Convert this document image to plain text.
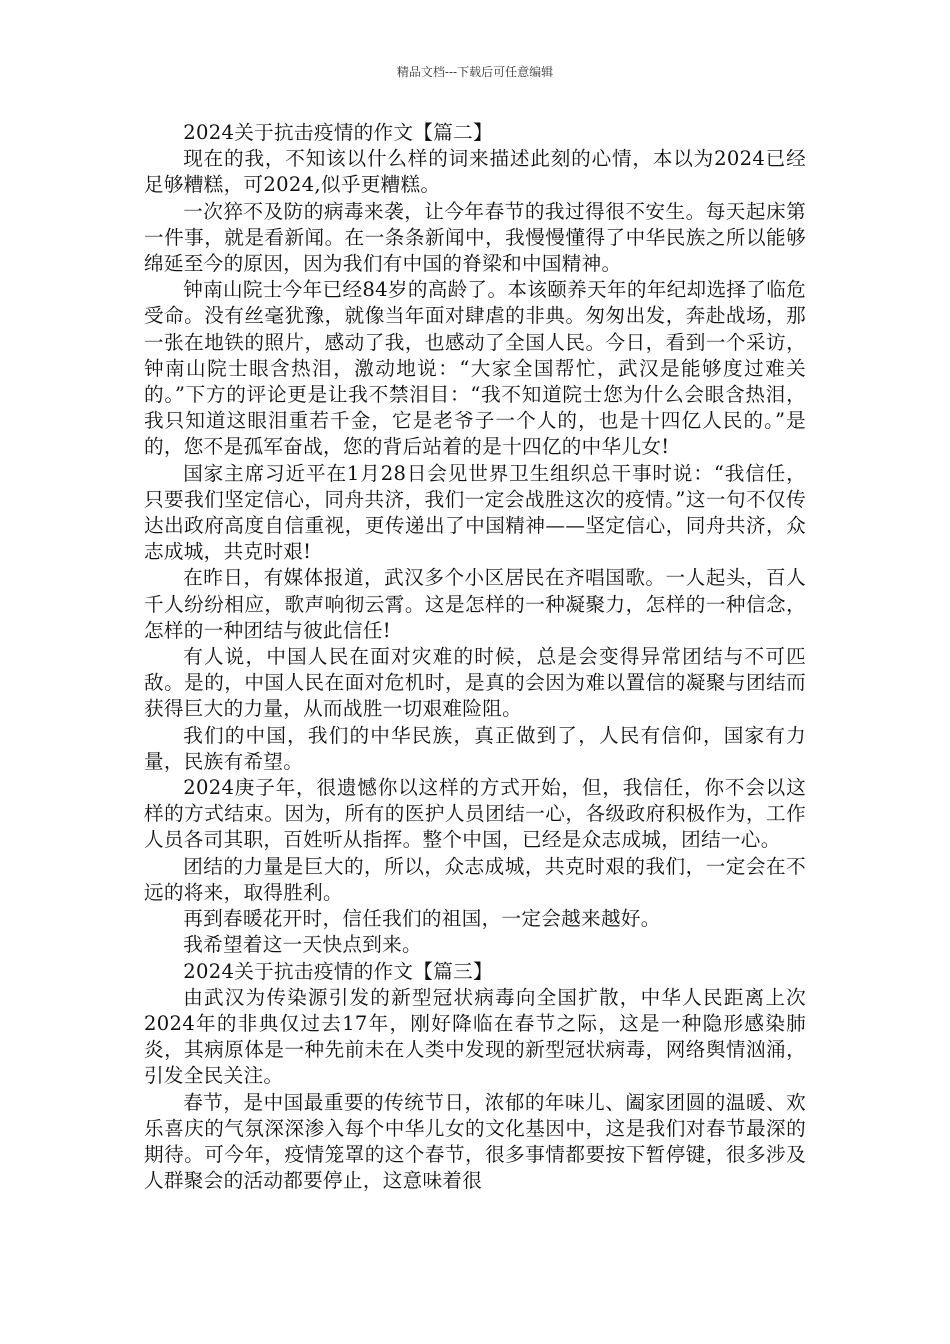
精品文档---下载后可任意编辑

2024关于抗击疫情的作文【篇二】

现在的我，不知该以什么样的词来描述此刻的心情，本以为2024已经足够糟糕，可2024,似乎更糟糕。

一次猝不及防的病毒来袭，让今年春节的我过得很不安生。每天起床第一件事，就是看新闻。在一条条新闻中，我慢慢懂得了中华民族之所以能够绵延至今的原因，因为我们有中国的脊梁和中国精神。

钟南山院士今年已经84岁的高龄了。本该颐养天年的年纪却选择了临危受命。没有丝毫犹豫，就像当年面对肆虐的非典。匆匆出发，奔赴战场，那一张在地铁的照片，感动了我，也感动了全国人民。今日，看到一个采访，钟南山院士眼含热泪，激动地说：“大家全国帮忙，武汉是能够度过难关的。”下方的评论更是让我不禁泪目：“我不知道院士您为什么会眼含热泪，我只知道这眼泪重若千金，它是老爷子一个人的，也是十四亿人民的。”是的，您不是孤军奋战，您的背后站着的是十四亿的中华儿女!

国家主席习近平在1月28日会见世界卫生组织总干事时说：“我信任，只要我们坚定信心，同舟共济，我们一定会战胜这次的疫情。”这一句不仅传达出政府高度自信重视，更传递出了中国精神——坚定信心，同舟共济，众志成城，共克时艰!

在昨日，有媒体报道，武汉多个小区居民在齐唱国歌。一人起头，百人千人纷纷相应，歌声响彻云霄。这是怎样的一种凝聚力，怎样的一种信念，怎样的一种团结与彼此信任!

有人说，中国人民在面对灾难的时候，总是会变得异常团结与不可匹敌。是的，中国人民在面对危机时，是真的会因为难以置信的凝聚与团结而获得巨大的力量，从而战胜一切艰难险阻。

我们的中国，我们的中华民族，真正做到了，人民有信仰，国家有力量，民族有希望。

2024庚子年，很遗憾你以这样的方式开始，但，我信任，你不会以这样的方式结束。因为，所有的医护人员团结一心，各级政府积极作为，工作人员各司其职，百姓听从指挥。整个中国，已经是众志成城，团结一心。

团结的力量是巨大的，所以，众志成城，共克时艰的我们，一定会在不远的将来，取得胜利。

再到春暖花开时，信任我们的祖国，一定会越来越好。

我希望着这一天快点到来。

2024关于抗击疫情的作文【篇三】

由武汉为传染源引发的新型冠状病毒向全国扩散，中华人民距离上次2024年的非典仅过去17年，刚好降临在春节之际，这是一种隐形感染肺炎，其病原体是一种先前未在人类中发现的新型冠状病毒，网络舆情汹涌，引发全民关注。

春节，是中国最重要的传统节日，浓郁的年味儿、阖家团圆的温暖、欢乐喜庆的气氛深深渗入每个中华儿女的文化基因中，这是我们对春节最深的期待。可今年，疫情笼罩的这个春节，很多事情都要按下暂停键，很多涉及人群聚会的活动都要停止，这意味着很
